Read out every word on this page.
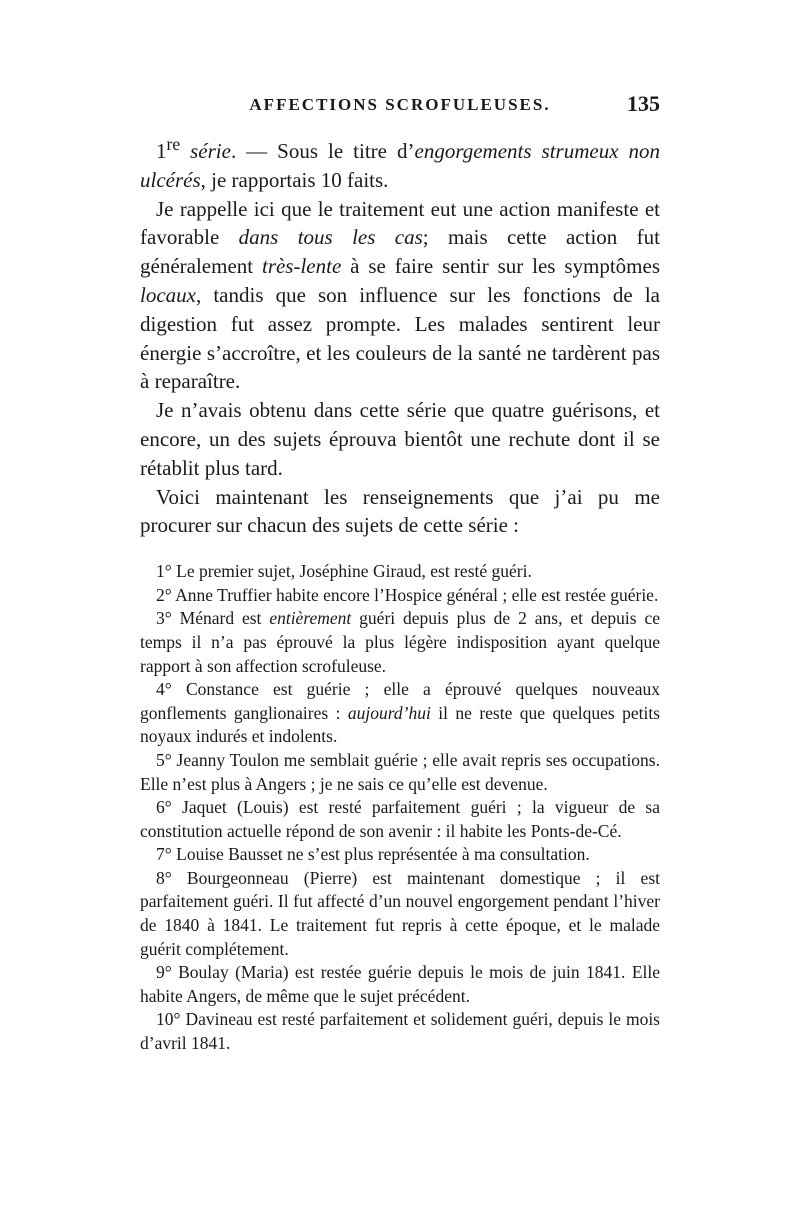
AFFECTIONS SCROFULEUSES.	135

1re série. — Sous le titre d’engorgements strumeux non ulcérés, je rapportais 10 faits.

Je rappelle ici que le traitement eut une action manifeste et favorable dans tous les cas; mais cette action fut généralement très-lente à se faire sentir sur les symptômes locaux, tandis que son influence sur les fonctions de la digestion fut assez prompte. Les malades sentirent leur énergie s’accroître, et les couleurs de la santé ne tardèrent pas à reparaître.

Je n’avais obtenu dans cette série que quatre guérisons, et encore, un des sujets éprouva bientôt une rechute dont il se rétablit plus tard.

Voici maintenant les renseignements que j’ai pu me procurer sur chacun des sujets de cette série :

1° Le premier sujet, Joséphine Giraud, est resté guéri.

2° Anne Truffier habite encore l’Hospice général ; elle est restée guérie.

3° Ménard est entièrement guéri depuis plus de 2 ans, et depuis ce temps il n’a pas éprouvé la plus légère indisposition ayant quelque rapport à son affection scrofuleuse.

4° Constance est guérie ; elle a éprouvé quelques nouveaux gonflements ganglionaires : aujourd’hui il ne reste que quelques petits noyaux indurés et indolents.

5° Jeanny Toulon me semblait guérie ; elle avait repris ses occupations. Elle n’est plus à Angers ; je ne sais ce qu’elle est devenue.

6° Jaquet (Louis) est resté parfaitement guéri ; la vigueur de sa constitution actuelle répond de son avenir : il habite les Ponts-de-Cé.

7° Louise Bausset ne s’est plus représentée à ma consultation.

8° Bourgeonneau (Pierre) est maintenant domestique ; il est parfaitement guéri. Il fut affecté d’un nouvel engorgement pendant l’hiver de 1840 à 1841. Le traitement fut repris à cette époque, et le malade guérit complétement.

9° Boulay (Maria) est restée guérie depuis le mois de juin 1841. Elle habite Angers, de même que le sujet précédent.

10° Davineau est resté parfaitement et solidement guéri, depuis le mois d’avril 1841.
